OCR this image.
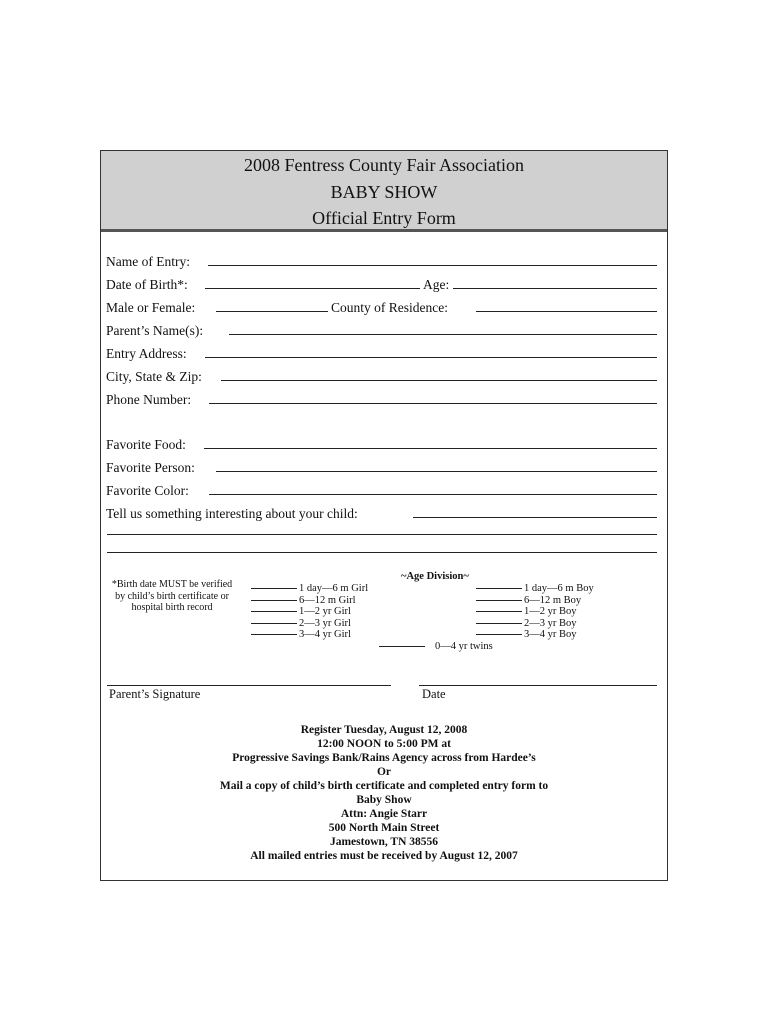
2008 Fentress County Fair Association
BABY SHOW
Official Entry Form
Name of Entry:
Date of Birth*:	Age:
Male or Female:	County of Residence:
Parent’s Name(s):
Entry Address:
City, State & Zip:
Phone Number:
Favorite Food:
Favorite Person:
Favorite Color:
Tell us something interesting about your child:
*Birth date MUST be verified by child’s birth certificate or hospital birth record
~Age Division~
1 day—6 m Girl
6—12 m Girl
1—2 yr Girl
2—3 yr Girl
3—4 yr Girl
1 day—6 m Boy
6—12 m Boy
1—2 yr Boy
2—3 yr Boy
3—4 yr Boy
0—4 yr twins
Parent’s Signature	Date
Register Tuesday, August 12, 2008
12:00 NOON to 5:00 PM at
Progressive Savings Bank/Rains Agency across from Hardee’s
Or
Mail a copy of child’s birth certificate and completed entry form to
Baby Show
Attn: Angie Starr
500 North Main Street
Jamestown, TN 38556
All mailed entries must be received by August 12, 2007
